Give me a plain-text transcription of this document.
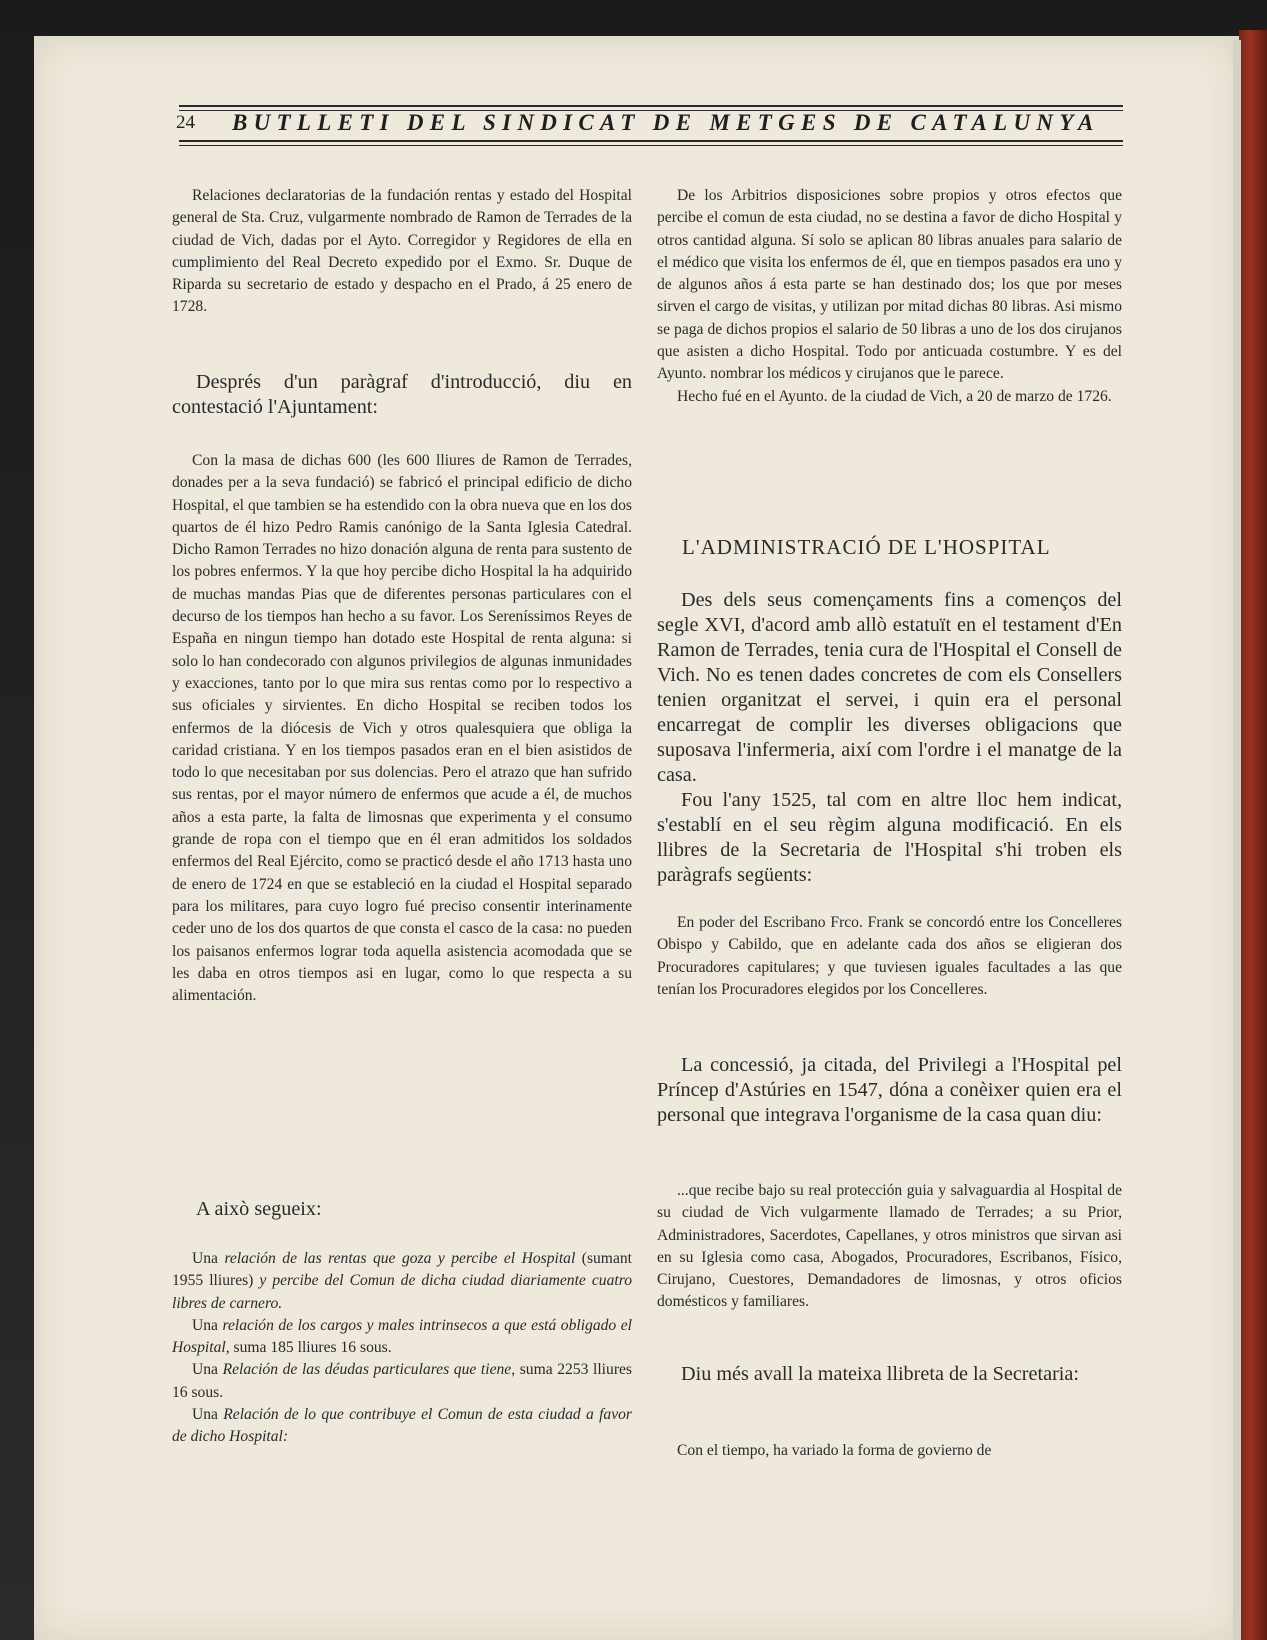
24 BUTLLETI DEL SINDICAT DE METGES DE CATALUNYA

Relaciones declaratorias de la fundación rentas y estado del Hospital general de Sta. Cruz, vulgarmente nombrado de Ramon de Terrades de la ciudad de Vich, dadas por el Ayto. Corregidor y Regidores de ella en cumplimiento del Real Decreto expedido por el Exmo. Sr. Duque de Riparda su secretario de estado y despacho en el Prado, á 25 enero de 1728.

Després d'un paràgraf d'introducció, diu en contestació l'Ajuntament:

Con la masa de dichas 600 (les 600 lliures de Ramon de Terrades, donades per a la seva fundació) se fabricó el principal edificio de dicho Hospital, el que tambien se ha estendido con la obra nueva que en los dos quartos de él hizo Pedro Ramis canónigo de la Santa Iglesia Catedral. Dicho Ramon Terrades no hizo donación alguna de renta para sustento de los pobres enfermos. Y la que hoy percibe dicho Hospital la ha adquirido de muchas mandas Pias que de diferentes personas particulares con el decurso de los tiempos han hecho a su favor. Los Sereníssimos Reyes de España en ningun tiempo han dotado este Hospital de renta alguna: si solo lo han condecorado con algunos privilegios de algunas inmunidades y exacciones, tanto por lo que mira sus rentas como por lo respectivo a sus oficiales y sirvientes. En dicho Hospital se reciben todos los enfermos de la diócesis de Vich y otros qualesquiera que obliga la caridad cristiana. Y en los tiempos pasados eran en el bien asistidos de todo lo que necesitaban por sus dolencias. Pero el atrazo que han sufrido sus rentas, por el mayor número de enfermos que acude a él, de muchos años a esta parte, la falta de limosnas que experimenta y el consumo grande de ropa con el tiempo que en él eran admitidos los soldados enfermos del Real Ejército, como se practicó desde el año 1713 hasta uno de enero de 1724 en que se estableció en la ciudad el Hospital separado para los militares, para cuyo logro fué preciso consentir interinamente ceder uno de los dos quartos de que consta el casco de la casa: no pueden los paisanos enfermos lograr toda aquella asistencia acomodada que se les daba en otros tiempos asi en lugar, como lo que respecta a su alimentación.

A això segueix:

Una relación de las rentas que goza y percibe el Hospital (sumant 1955 lliures) y percibe del Comun de dicha ciudad diariamente cuatro libres de carnero.

Una relación de los cargos y males intrinsecos a que está obligado el Hospital, suma 185 lliures 16 sous.

Una Relación de las déudas particulares que tiene, suma 2253 lliures 16 sous.

Una Relación de lo que contribuye el Comun de esta ciudad a favor de dicho Hospital:

De los Arbitrios disposiciones sobre propios y otros efectos que percibe el comun de esta ciudad, no se destina a favor de dicho Hospital y otros cantidad alguna. Sí solo se aplican 80 libras anuales para salario de el médico que visita los enfermos de él, que en tiempos pasados era uno y de algunos años á esta parte se han destinado dos; los que por meses sirven el cargo de visitas, y utilizan por mitad dichas 80 libras. Asi mismo se paga de dichos propios el salario de 50 libras a uno de los dos cirujanos que asisten a dicho Hospital. Todo por anticuada costumbre. Y es del Ayunto. nombrar los médicos y cirujanos que le parece.

Hecho fué en el Ayunto. de la ciudad de Vich, a 20 de marzo de 1726.

L'ADMINISTRACIÓ DE L'HOSPITAL

Des dels seus començaments fins a començos del segle XVI, d'acord amb allò estatuït en el testament d'En Ramon de Terrades, tenia cura de l'Hospital el Consell de Vich. No es tenen dades concretes de com els Consellers tenien organitzat el servei, i quin era el personal encarregat de complir les diverses obligacions que suposava l'infermeria, així com l'ordre i el manatge de la casa.

Fou l'any 1525, tal com en altre lloc hem indicat, s'establí en el seu règim alguna modificació. En els llibres de la Secretaria de l'Hospital s'hi troben els paràgrafs següents:

En poder del Escribano Frco. Frank se concordó entre los Concelleres Obispo y Cabildo, que en adelante cada dos años se eligieran dos Procuradores capitulares; y que tuviesen iguales facultades a las que tenían los Procuradores elegidos por los Concelleres.

La concessió, ja citada, del Privilegi a l'Hospital pel Príncep d'Astúries en 1547, dóna a conèixer quien era el personal que integrava l'organisme de la casa quan diu:

...que recibe bajo su real protección guia y salvaguardia al Hospital de su ciudad de Vich vulgarmente llamado de Terrades; a su Prior, Administradores, Sacerdotes, Capellanes, y otros ministros que sirvan asi en su Iglesia como casa, Abogados, Procuradores, Escribanos, Físico, Cirujano, Cuestores, Demandadores de limosnas, y otros oficios domésticos y familiares.

Diu més avall la mateixa llibreta de la Secretaria:

Con el tiempo, ha variado la forma de govierno de
